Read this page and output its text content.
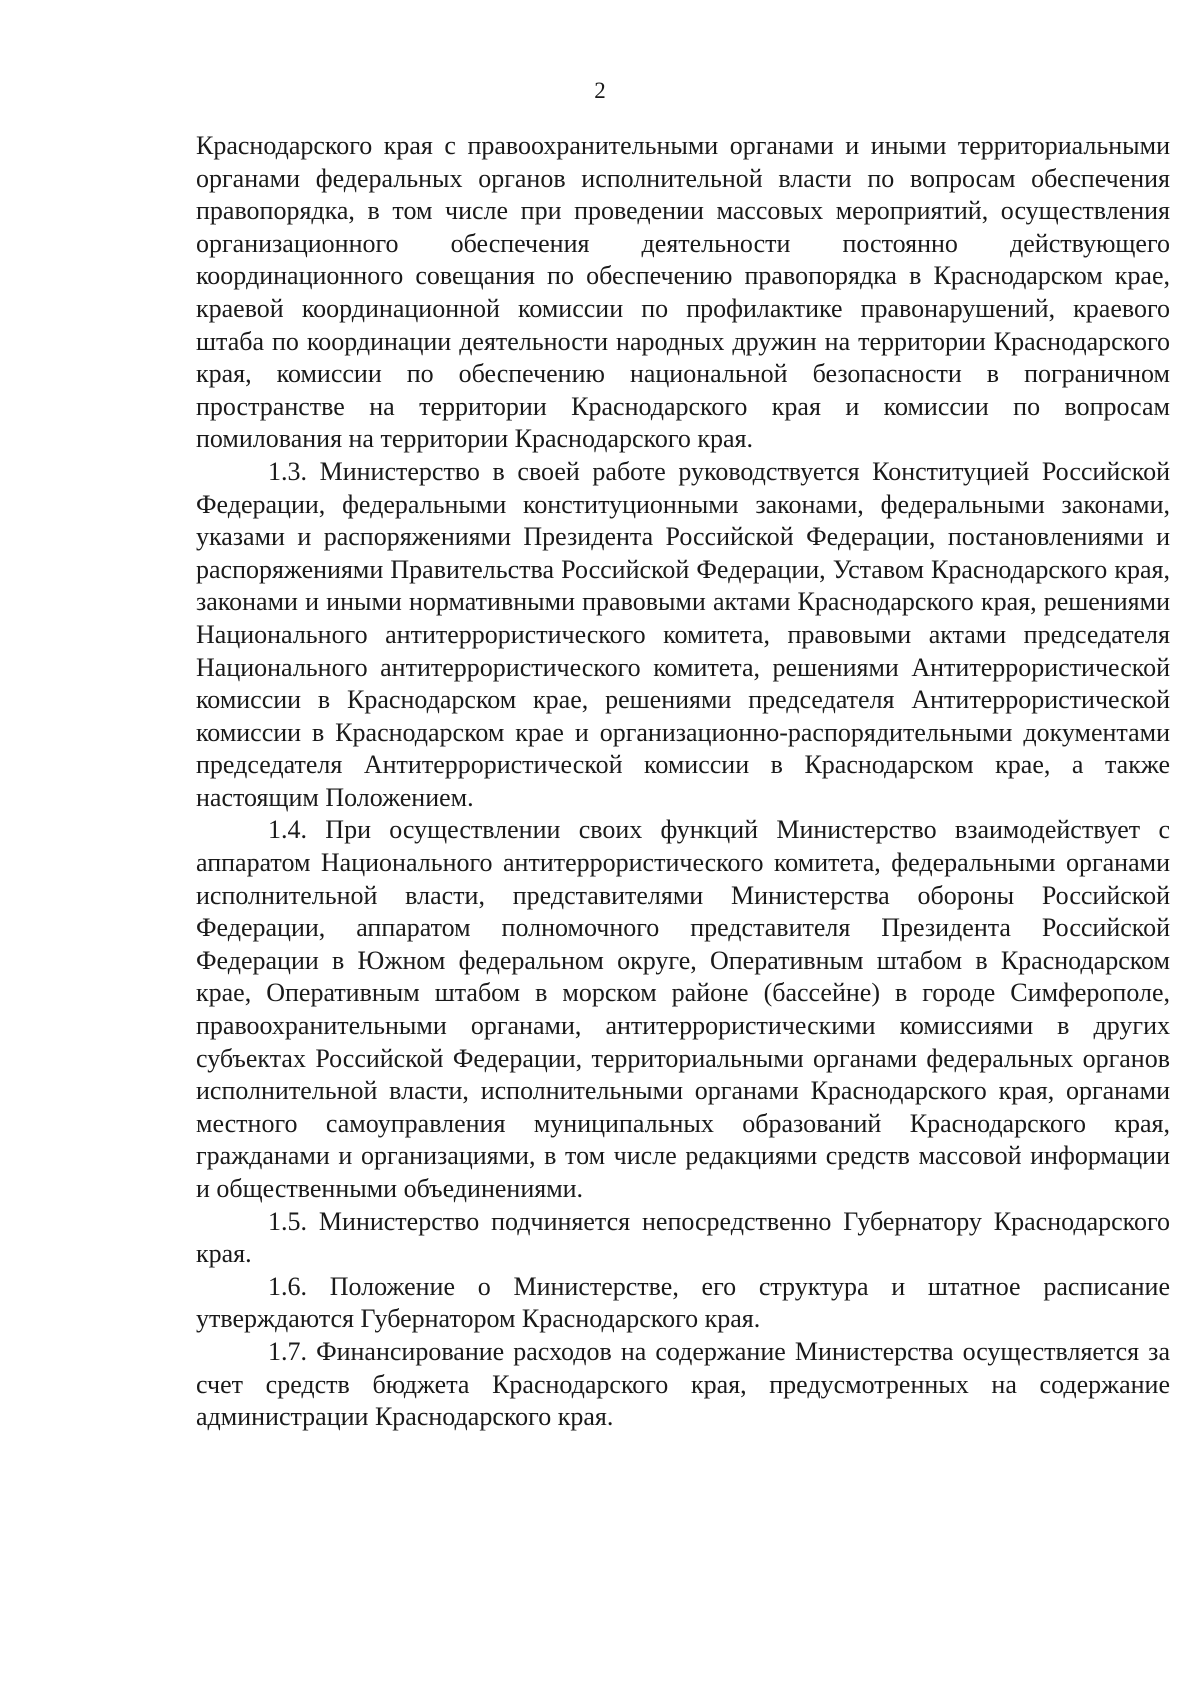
2

Краснодарского края с правоохранительными органами и иными территориальными органами федеральных органов исполнительной власти по вопросам обеспечения правопорядка, в том числе при проведении массовых мероприятий, осуществления организационного обеспечения деятельности постоянно действующего координационного совещания по обеспечению правопорядка в Краснодарском крае, краевой координационной комиссии по профилактике правонарушений, краевого штаба по координации деятельности народных дружин на территории Краснодарского края, комиссии по обеспечению национальной безопасности в пограничном пространстве на территории Краснодарского края и комиссии по вопросам помилования на территории Краснодарского края.

1.3. Министерство в своей работе руководствуется Конституцией Российской Федерации, федеральными конституционными законами, федеральными законами, указами и распоряжениями Президента Российской Федерации, постановлениями и распоряжениями Правительства Российской Федерации, Уставом Краснодарского края, законами и иными нормативными правовыми актами Краснодарского края, решениями Национального антитеррористического комитета, правовыми актами председателя Национального антитеррористического комитета, решениями Антитеррористической комиссии в Краснодарском крае, решениями председателя Антитеррористической комиссии в Краснодарском крае и организационно-распорядительными документами председателя Антитеррористической комиссии в Краснодарском крае, а также настоящим Положением.

1.4. При осуществлении своих функций Министерство взаимодействует с аппаратом Национального антитеррористического комитета, федеральными органами исполнительной власти, представителями Министерства обороны Российской Федерации, аппаратом полномочного представителя Президента Российской Федерации в Южном федеральном округе, Оперативным штабом в Краснодарском крае, Оперативным штабом в морском районе (бассейне) в городе Симферополе, правоохранительными органами, антитеррористическими комиссиями в других субъектах Российской Федерации, территориальными органами федеральных органов исполнительной власти, исполнительными органами Краснодарского края, органами местного самоуправления муниципальных образований Краснодарского края, гражданами и организациями, в том числе редакциями средств массовой информации и общественными объединениями.

1.5. Министерство подчиняется непосредственно Губернатору Краснодарского края.

1.6. Положение о Министерстве, его структура и штатное расписание утверждаются Губернатором Краснодарского края.

1.7. Финансирование расходов на содержание Министерства осуществляется за счет средств бюджета Краснодарского края, предусмотренных на содержание администрации Краснодарского края.
